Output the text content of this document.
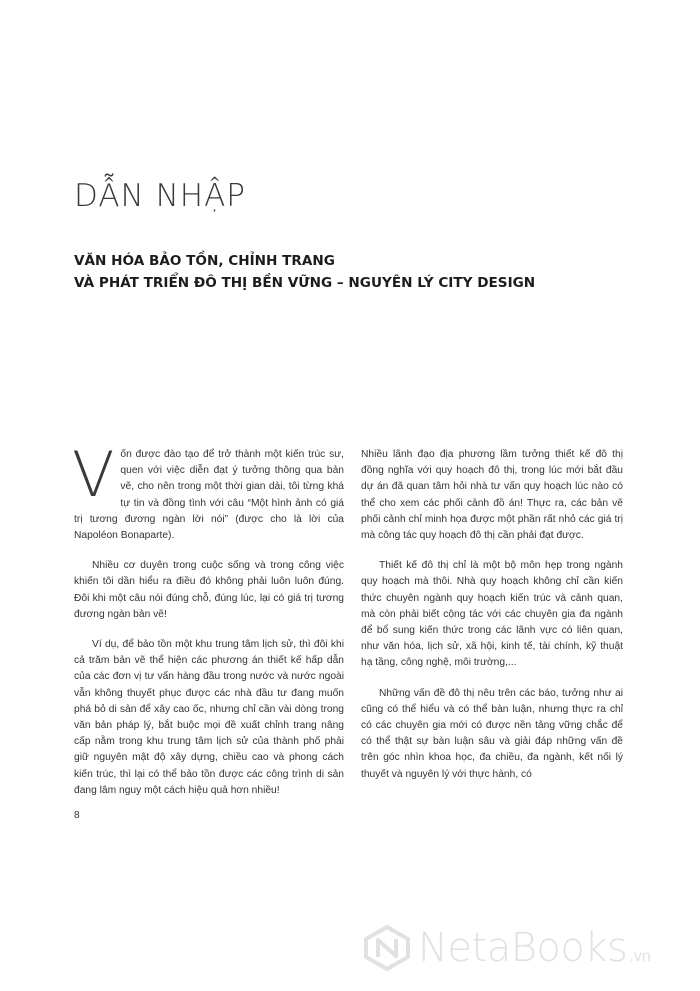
DẪN NHẬP
VĂN HÓA BẢO TỒN, CHỈNH TRANG
VÀ PHÁT TRIỂN ĐÔ THỊ BỀN VỮNG – NGUYÊN LÝ CITY DESIGN

Vốn được đào tạo để trở thành một kiến trúc sư, quen với việc diễn đạt ý tưởng thông qua bản vẽ, cho nên trong một thời gian dài, tôi từng khá tự tin và đồng tình với câu “Một hình ảnh có giá trị tương đương ngàn lời nói” (được cho là lời của Napoléon Bonaparte).

Nhiều cơ duyên trong cuộc sống và trong công việc khiến tôi dần hiểu ra điều đó không phải luôn luôn đúng. Đôi khi một câu nói đúng chỗ, đúng lúc, lại có giá trị tương đương ngàn bản vẽ!

Ví dụ, để bảo tồn một khu trung tâm lịch sử, thì đôi khi cả trăm bản vẽ thể hiện các phương án thiết kế hấp dẫn của các đơn vị tư vấn hàng đầu trong nước và nước ngoài vẫn không thuyết phục được các nhà đầu tư đang muốn phá bỏ di sản để xây cao ốc, nhưng chỉ cần vài dòng trong văn bản pháp lý, bắt buộc mọi đề xuất chỉnh trang nâng cấp nằm trong khu trung tâm lịch sử của thành phố phải giữ nguyên mật độ xây dựng, chiều cao và phong cách kiến trúc, thì lại có thể bảo tồn được các công trình di sản đang lâm nguy một cách hiệu quả hơn nhiều!

Nhiều lãnh đạo địa phương lầm tưởng thiết kế đô thị đồng nghĩa với quy hoạch đô thị, trong lúc mới bắt đầu dự án đã quan tâm hỏi nhà tư vấn quy hoạch lúc nào có thể cho xem các phối cảnh đồ án! Thực ra, các bản vẽ phối cảnh chỉ minh họa được một phần rất nhỏ các giá trị mà công tác quy hoạch đô thị cần phải đạt được.

Thiết kế đô thị chỉ là một bộ môn hẹp trong ngành quy hoạch mà thôi. Nhà quy hoạch không chỉ cần kiến thức chuyên ngành quy hoạch kiến trúc và cảnh quan, mà còn phải biết cộng tác với các chuyên gia đa ngành để bổ sung kiến thức trong các lãnh vực có liên quan, như văn hóa, lịch sử, xã hội, kinh tế, tài chính, kỹ thuật hạ tầng, công nghệ, môi trường,...

Những vấn đề đô thị nêu trên các báo, tưởng như ai cũng có thể hiểu và có thể bàn luận, nhưng thực ra chỉ có các chuyên gia mới có được nền tảng vững chắc để có thể thật sự bàn luận sâu và giải đáp những vấn đề trên góc nhìn khoa học, đa chiều, đa ngành, kết nối lý thuyết và nguyên lý với thực hành, có

8
NetaBooks .vn
